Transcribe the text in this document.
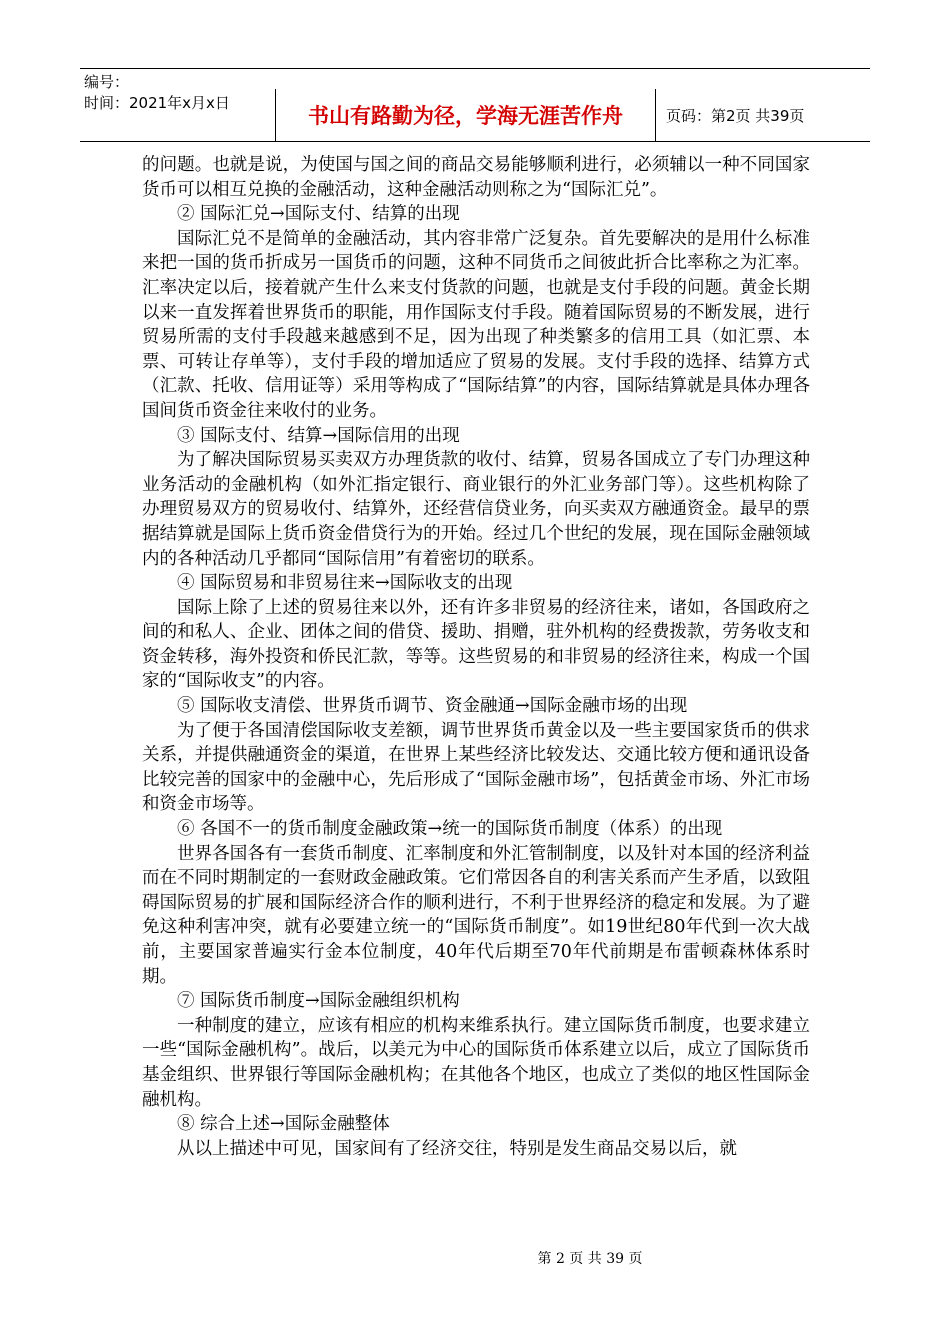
编号：
时间：2021年x月x日
书山有路勤为径，学海无涯苦作舟	页码：第2页 共39页

的问题。也就是说，为使国与国之间的商品交易能够顺利进行，必须辅以一种不同国家货币可以相互兑换的金融活动，这种金融活动则称之为“国际汇兑”。

② 国际汇兑→国际支付、结算的出现

国际汇兑不是简单的金融活动，其内容非常广泛复杂。首先要解决的是用什么标准来把一国的货币折成另一国货币的问题，这种不同货币之间彼此折合比率称之为汇率。汇率决定以后，接着就产生什么来支付货款的问题，也就是支付手段的问题。黄金长期以来一直发挥着世界货币的职能，用作国际支付手段。随着国际贸易的不断发展，进行贸易所需的支付手段越来越感到不足，因为出现了种类繁多的信用工具（如汇票、本票、可转让存单等），支付手段的增加适应了贸易的发展。支付手段的选择、结算方式（汇款、托收、信用证等）采用等构成了“国际结算”的内容，国际结算就是具体办理各国间货币资金往来收付的业务。

③ 国际支付、结算→国际信用的出现

为了解决国际贸易买卖双方办理货款的收付、结算，贸易各国成立了专门办理这种业务活动的金融机构（如外汇指定银行、商业银行的外汇业务部门等）。这些机构除了办理贸易双方的贸易收付、结算外，还经营信贷业务，向买卖双方融通资金。最早的票据结算就是国际上货币资金借贷行为的开始。经过几个世纪的发展，现在国际金融领域内的各种活动几乎都同“国际信用”有着密切的联系。

④ 国际贸易和非贸易往来→国际收支的出现

国际上除了上述的贸易往来以外，还有许多非贸易的经济往来，诸如，各国政府之间的和私人、企业、团体之间的借贷、援助、捐赠，驻外机构的经费拨款，劳务收支和资金转移，海外投资和侨民汇款，等等。这些贸易的和非贸易的经济往来，构成一个国家的“国际收支”的内容。

⑤ 国际收支清偿、世界货币调节、资金融通→国际金融市场的出现

为了便于各国清偿国际收支差额，调节世界货币黄金以及一些主要国家货币的供求关系，并提供融通资金的渠道，在世界上某些经济比较发达、交通比较方便和通讯设备比较完善的国家中的金融中心，先后形成了“国际金融市场”，包括黄金市场、外汇市场和资金市场等。

⑥ 各国不一的货币制度金融政策→统一的国际货币制度（体系）的出现

世界各国各有一套货币制度、汇率制度和外汇管制制度，以及针对本国的经济利益而在不同时期制定的一套财政金融政策。它们常因各自的利害关系而产生矛盾，以致阻碍国际贸易的扩展和国际经济合作的顺利进行，不利于世界经济的稳定和发展。为了避免这种利害冲突，就有必要建立统一的“国际货币制度”。如19世纪80年代到一次大战前，主要国家普遍实行金本位制度，40年代后期至70年代前期是布雷顿森林体系时期。

⑦ 国际货币制度→国际金融组织机构

一种制度的建立，应该有相应的机构来维系执行。建立国际货币制度，也要求建立一些“国际金融机构”。战后，以美元为中心的国际货币体系建立以后，成立了国际货币基金组织、世界银行等国际金融机构；在其他各个地区，也成立了类似的地区性国际金融机构。

⑧ 综合上述→国际金融整体

从以上描述中可见，国家间有了经济交往，特别是发生商品交易以后，就

第 2 页 共 39 页
